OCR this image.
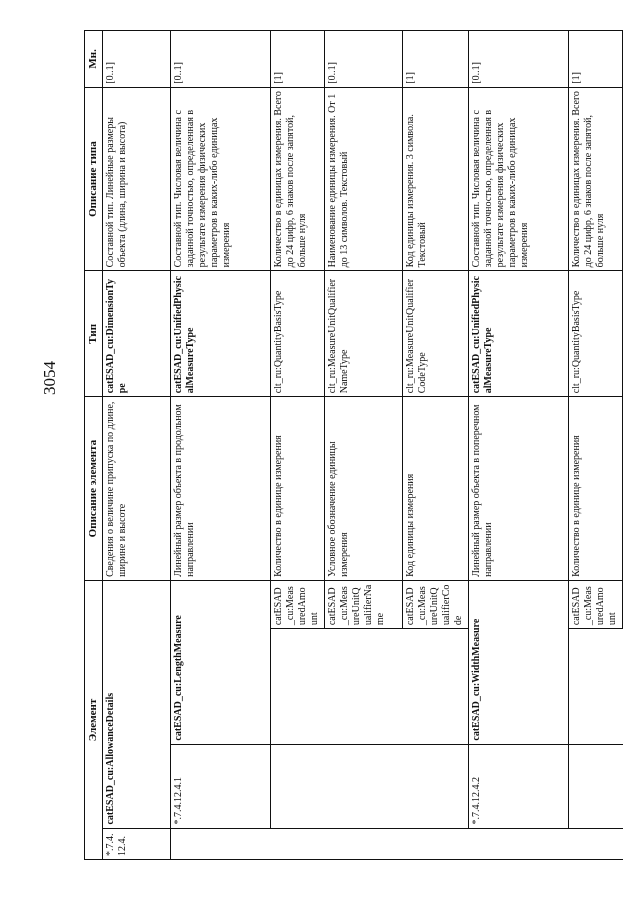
3054
Элемент				Описание элемента	Тип	Описание типа	Мн.
*.7.4.12.4.	catESAD_cu:AllowanceDetails			Сведения о величине припуска по длине, ширине и высоте	catESAD_cu:DimensionType	Составной тип. Линейные размеры объекта (длина, ширина и высота)	[0..1]
	*.7.4.12.4.1	catESAD_cu:LengthMeasure		Линейный размер объекта в продольном направлении	catESAD_cu:UnifiedPhysicalMeasureType	Составной тип. Числовая величина с заданной точностью, определенная в результате измерения физических параметров в каких-либо единицах измерения	[0..1]
			catESAD_cu:MeasuredAmount	Количество в единице измерения	clt_ru:QuantityBasisType	Количество в единицах измерения. Всего до 24 цифр, 6 знаков после запятой, больше нуля	[1]
			catESAD_cu:MeasureUnitQualifierName	Условное обозначение единицы измерения	clt_ru:MeasureUnitQualifierNameType	Наименование единицы измерения. От 1 до 13 символов. Текстовый	[0..1]
			catESAD_cu:MeasureUnitQualifierCode	Код единицы измерения	clt_ru:MeasureUnitQualifierCodeType	Код единицы измерения. 3 символа. Текстовый	[1]
	*.7.4.12.4.2	catESAD_cu:WidthMeasure		Линейный размер объекта в поперечном направлении	catESAD_cu:UnifiedPhysicalMeasureType	Составной тип. Числовая величина с заданной точностью, определенная в результате измерения физических параметров в каких-либо единицах измерения	[0..1]
			catESAD_cu:MeasuredAmount	Количество в единице измерения	clt_ru:QuantityBasisType	Количество в единицах измерения. Всего до 24 цифр, 6 знаков после запятой, больше нуля	[1]
